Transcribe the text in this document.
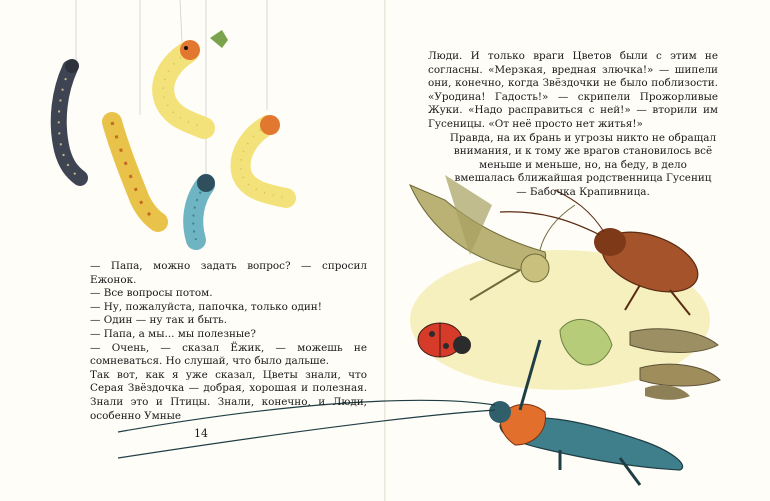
— Папа, можно задать вопрос? — спросил Ежонок.

— Все вопросы потом.

— Ну, пожалуйста, папочка, только один!

— Один — ну так и быть.

— Папа, а мы... мы полезные?

— Очень, — сказал Ёжик, — можешь не сомневаться. Но слушай, что было дальше.

Так вот, как я уже сказал, Цветы знали, что Серая Звёздочка — добрая, хорошая и полезная. Знали это и Птицы. Знали, конечно, и Люди, особенно Умные

14

Люди. И только враги Цветов были с этим не согласны. «Мерзкая, вредная злючка!» — шипели они, конечно, когда Звёздочки не было поблизости. «Уродина! Гадость!» — скрипели Прожорливые Жуки. «Надо расправиться с ней!» — вторили им Гусеницы. «От неё просто нет житья!»

Правда, на их брань и угрозы никто не обращал внимания, и к тому же врагов становилось всё меньше и меньше, но, на беду, в дело вмешалась ближайшая родственница Гусениц — Бабочка Крапивница.
